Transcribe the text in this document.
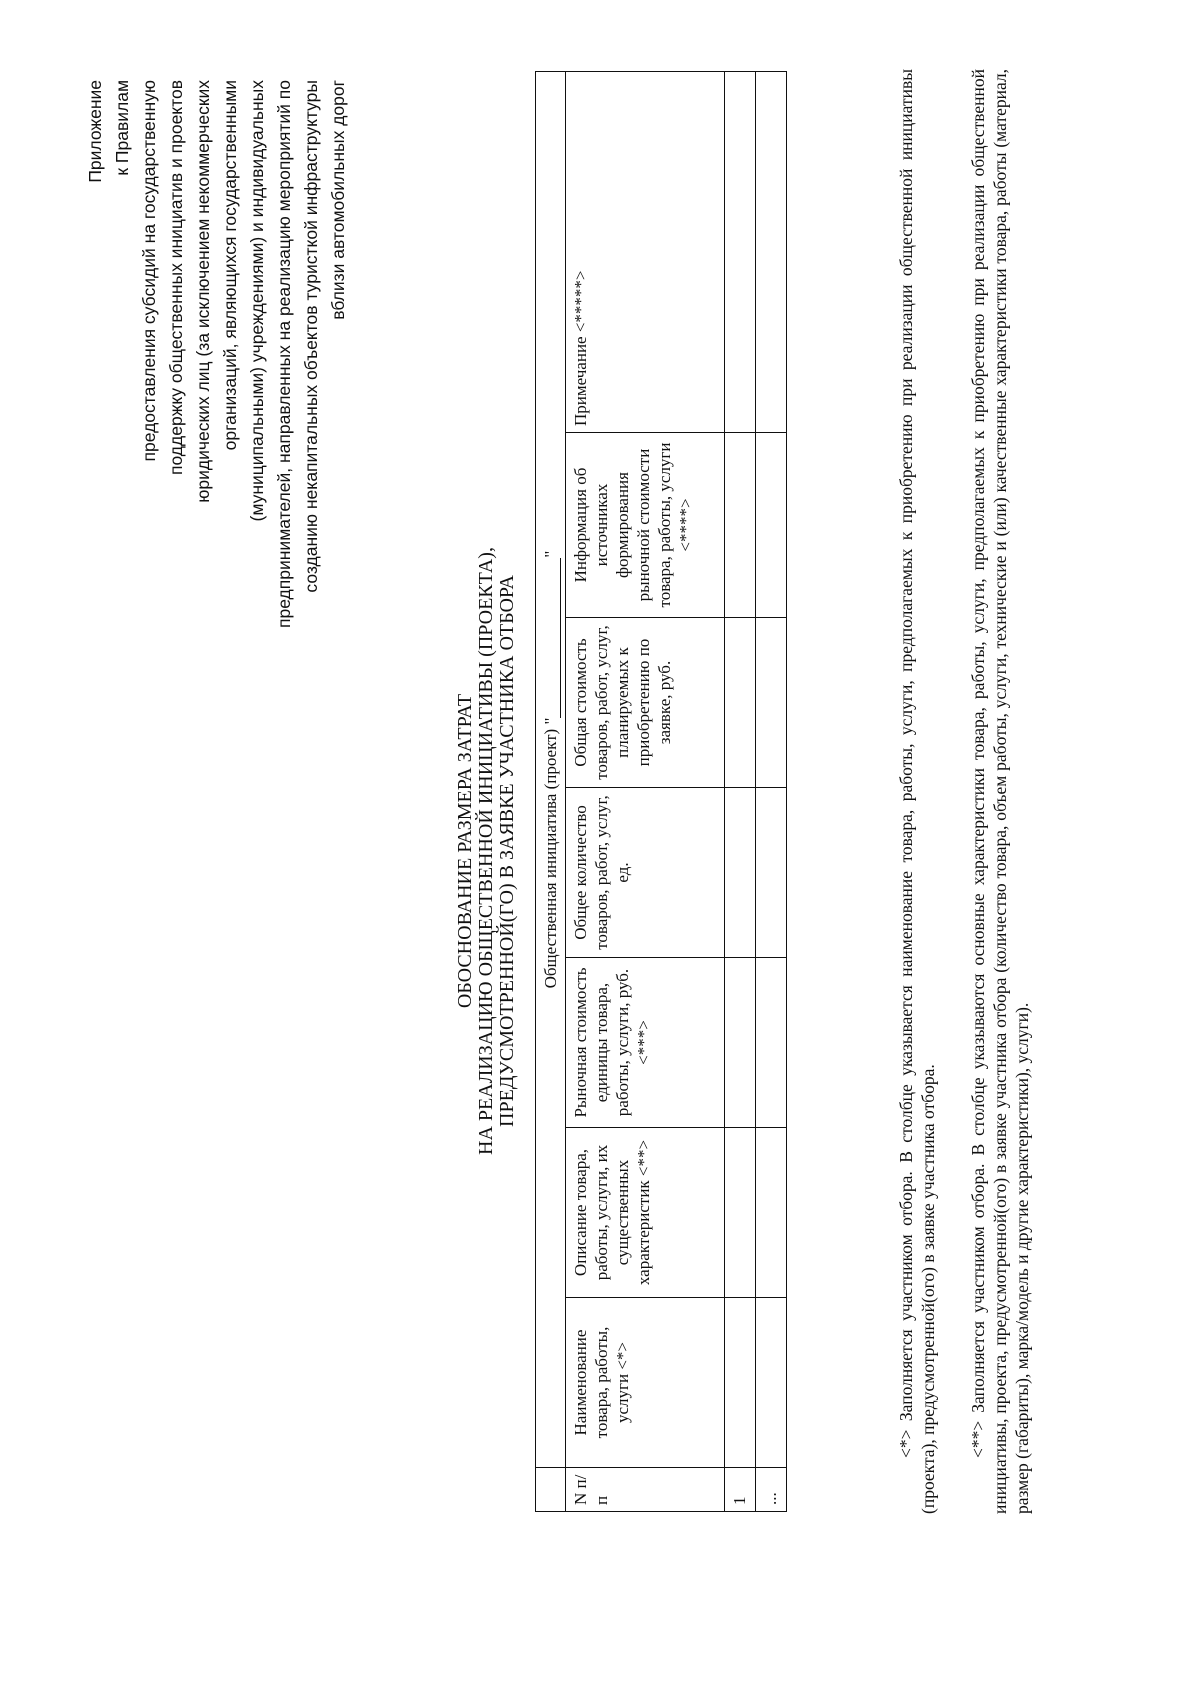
Приложение к Правилам предоставления субсидий на государственную поддержку общественных инициатив и проектов юридических лиц (за исключением некоммерческих организаций, являющихся государственными (муниципальными) учреждениями) и индивидуальных предпринимателей, направленных на реализацию мероприятий по созданию некапитальных объектов туристкой инфраструктуры вблизи автомобильных дорог
ОБОСНОВАНИЕ РАЗМЕРА ЗАТРАТ НА РЕАЛИЗАЦИЮ ОБЩЕСТВЕННОЙ ИНИЦИАТИВЫ (ПРОЕКТА), ПРЕДУСМОТРЕННОЙ(ГО) В ЗАЯВКЕ УЧАСТНИКА ОТБОРА
	Общественная инициатива (проект) ""						
N п/п	Наименование товара, работы, услуги <*>	Описание товара, работы, услуги, их существенных характеристик <**>	Рыночная стоимость единицы товара, работы, услуги, руб. <***>	Общее количество товаров, работ, услуг, ед.	Общая стоимость товаров, работ, услуг, планируемых к приобретению по заявке, руб.	Информация об источниках формирования рыночной стоимости товара, работы, услуги <****>	Примечание <*****>
1							
...							

<*> Заполняется участником отбора. В столбце указывается наименование товара, работы, услуги, предполагаемых к приобретению при реализации общественной инициативы (проекта), предусмотренной(ого) в заявке участника отбора. <**> Заполняется участником отбора. В столбце указываются основные характеристики товара, работы, услуги, предполагаемых к приобретению при реализации общественной инициативы, проекта, предусмотренной(ого) в заявке участника отбора (количество товара, объем работы, услуги, технические и (или) качественные характеристики товара, работы (материал, размер (габариты), марка/модель и другие характеристики), услуги).
